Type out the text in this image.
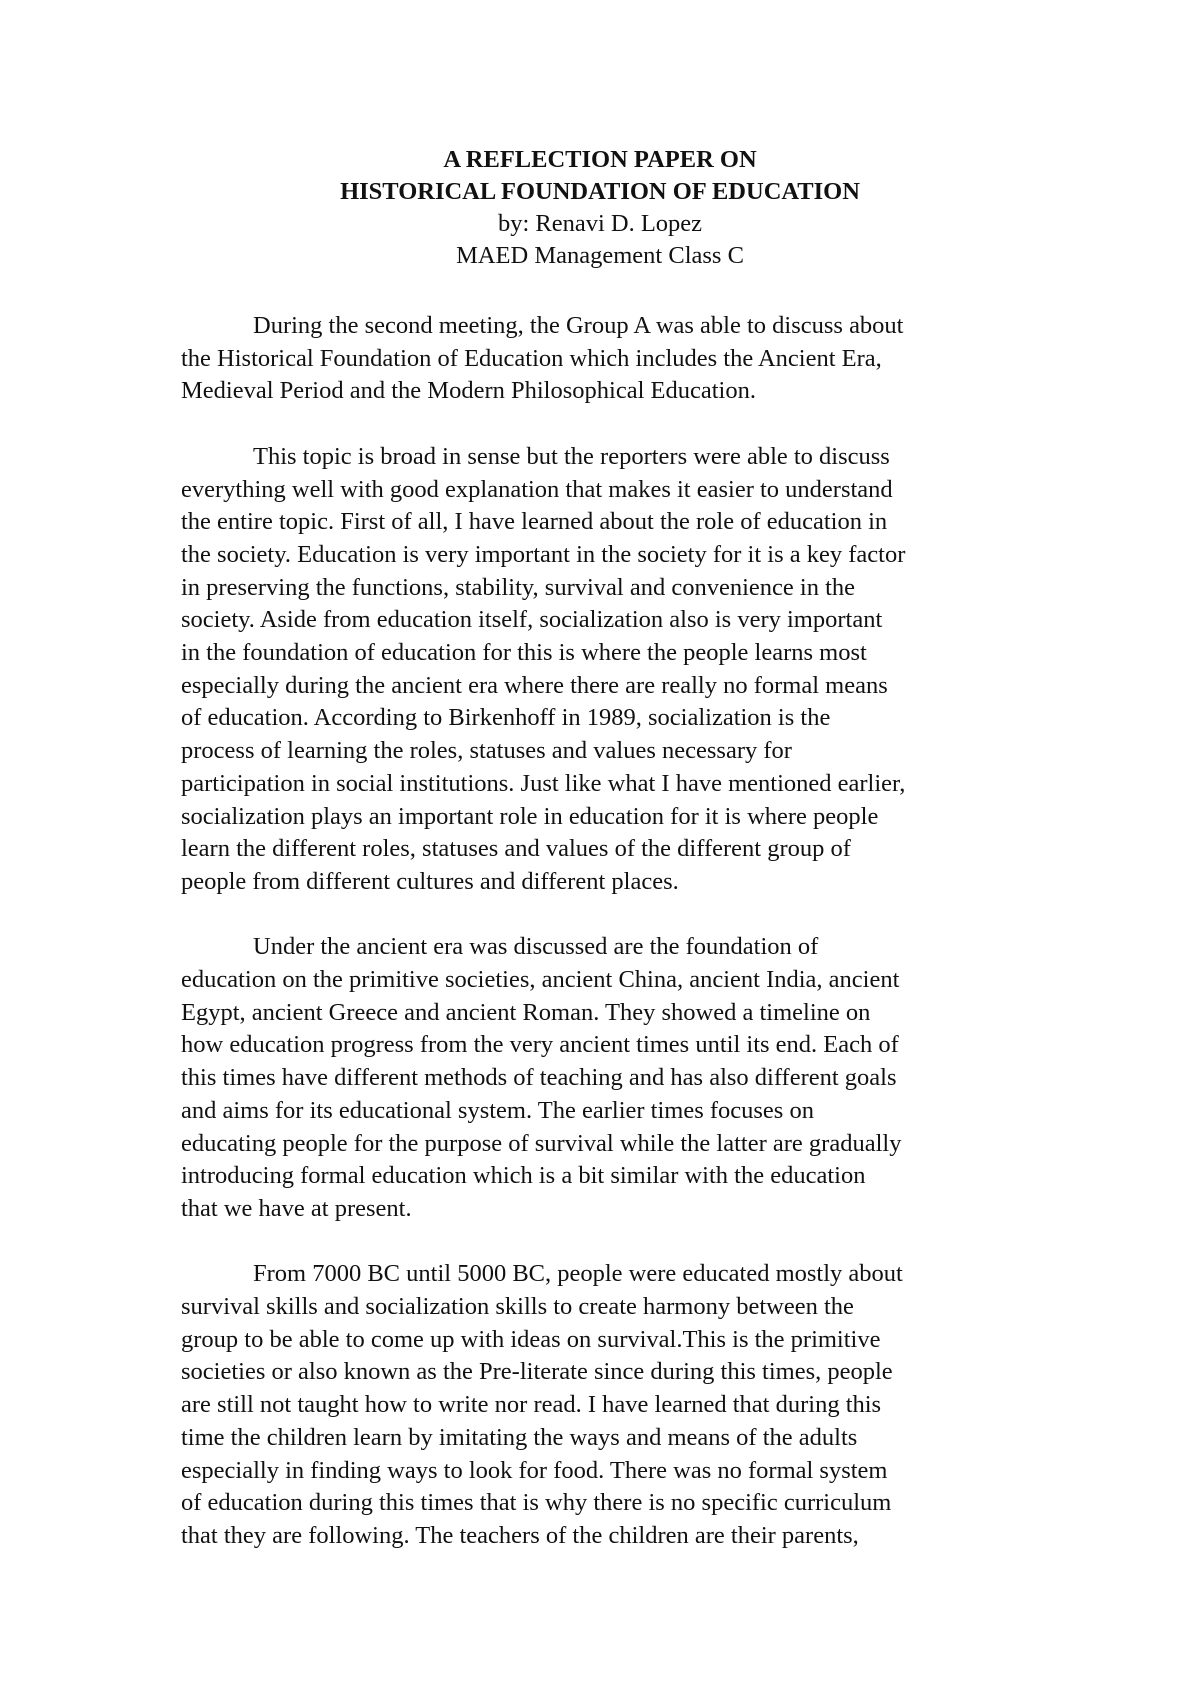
A REFLECTION PAPER ON
HISTORICAL FOUNDATION OF EDUCATION
by: Renavi D. Lopez
MAED Management Class C
During the second meeting, the Group A was able to discuss about
the Historical Foundation of Education which includes the Ancient Era,
Medieval Period and the Modern Philosophical Education.
This topic is broad in sense but the reporters were able to discuss
everything well with good explanation that makes it easier to understand
the entire topic. First of all, I have learned about the role of education in
the society. Education is very important in the society for it is a key factor
in preserving the functions, stability, survival and convenience in the
society. Aside from education itself, socialization also is very important
in the foundation of education for this is where the people learns most
especially during the ancient era where there are really no formal means
of education. According to Birkenhoff in 1989, socialization is the
process of learning the roles, statuses and values necessary for
participation in social institutions. Just like what I have mentioned earlier,
socialization plays an important role in education for it is where people
learn the different roles, statuses and values of the different group of
people from different cultures and different places.
Under the ancient era was discussed are the foundation of
education on the primitive societies, ancient China, ancient India, ancient
Egypt, ancient Greece and ancient Roman. They showed a timeline on
how education progress from the very ancient times until its end. Each of
this times have different methods of teaching and has also different goals
and aims for its educational system. The earlier times focuses on
educating people for the purpose of survival while the latter are gradually
introducing formal education which is a bit similar with the education
that we have at present.
From 7000 BC until 5000 BC, people were educated mostly about
survival skills and socialization skills to create harmony between the
group to be able to come up with ideas on survival.This is the primitive
societies or also known as the Pre-literate since during this times, people
are still not taught how to write nor read. I have learned that during this
time the children learn by imitating the ways and means of the adults
especially in finding ways to look for food. There was no formal system
of education during this times that is why there is no specific curriculum
that they are following. The teachers of the children are their parents,
